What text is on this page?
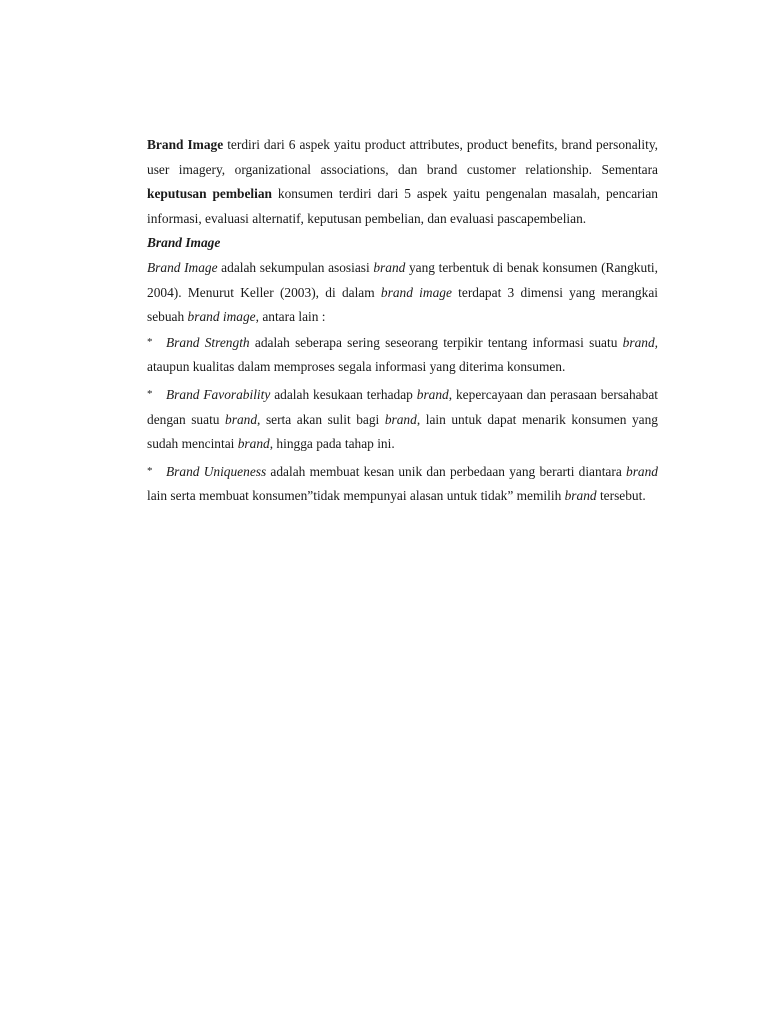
Brand Image terdiri dari 6 aspek yaitu product attributes, product benefits, brand personality, user imagery, organizational associations, dan brand customer relationship. Sementara keputusan pembelian konsumen terdiri dari 5 aspek yaitu pengenalan masalah, pencarian informasi, evaluasi alternatif, keputusan pembelian, dan evaluasi pascapembelian.

Brand Image

Brand Image adalah sekumpulan asosiasi brand yang terbentuk di benak konsumen (Rangkuti, 2004). Menurut Keller (2003), di dalam brand image terdapat 3 dimensi yang merangkai sebuah brand image, antara lain :

* Brand Strength adalah seberapa sering seseorang terpikir tentang informasi suatu brand, ataupun kualitas dalam memproses segala informasi yang diterima konsumen.

* Brand Favorability adalah kesukaan terhadap brand, kepercayaan dan perasaan bersahabat dengan suatu brand, serta akan sulit bagi brand, lain untuk dapat menarik konsumen yang sudah mencintai brand, hingga pada tahap ini.

* Brand Uniqueness adalah membuat kesan unik dan perbedaan yang berarti diantara brand lain serta membuat konsumen”tidak mempunyai alasan untuk tidak” memilih brand tersebut.
